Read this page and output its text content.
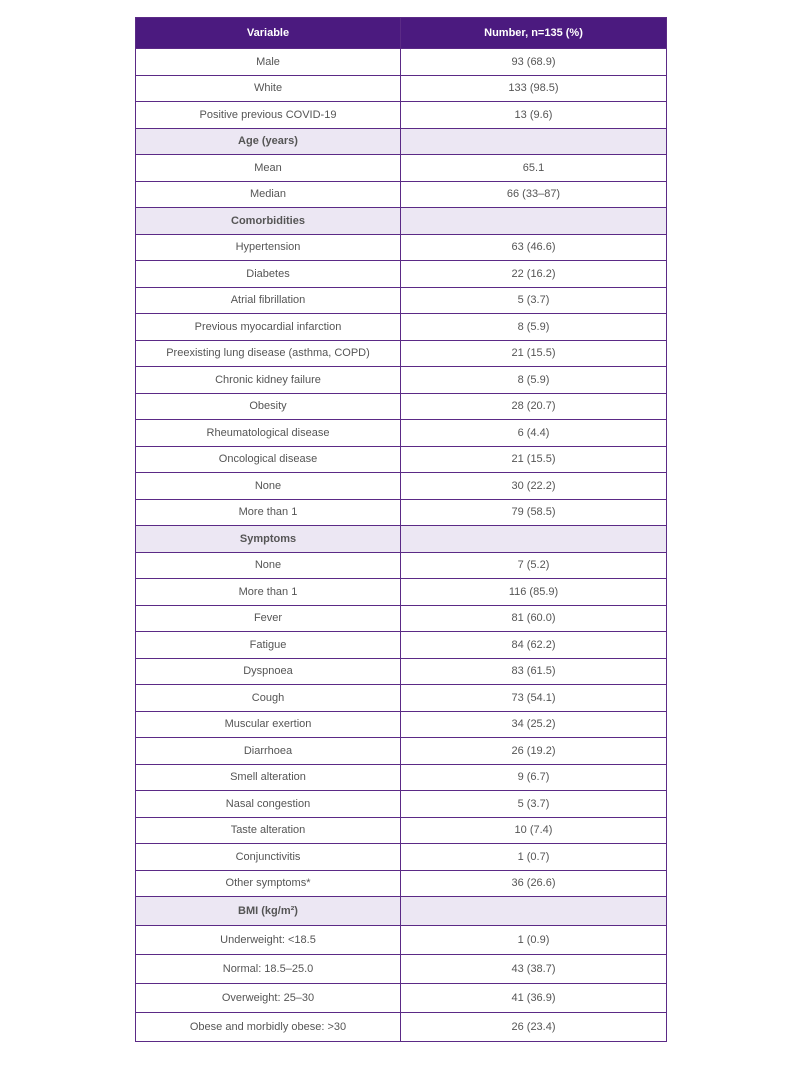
Variable	Number, n=135 (%)
Male	93 (68.9)
White	133 (98.5)
Positive previous COVID-19	13 (9.6)
Age (years)	
Mean	65.1
Median	66 (33–87)
Comorbidities	
Hypertension	63 (46.6)
Diabetes	22 (16.2)
Atrial fibrillation	5 (3.7)
Previous myocardial infarction	8 (5.9)
Preexisting lung disease (asthma, COPD)	21 (15.5)
Chronic kidney failure	8 (5.9)
Obesity	28 (20.7)
Rheumatological disease	6 (4.4)
Oncological disease	21 (15.5)
None	30 (22.2)
More than 1	79 (58.5)
Symptoms	
None	7 (5.2)
More than 1	116 (85.9)
Fever	81 (60.0)
Fatigue	84 (62.2)
Dyspnoea	83 (61.5)
Cough	73 (54.1)
Muscular exertion	34 (25.2)
Diarrhoea	26 (19.2)
Smell alteration	9 (6.7)
Nasal congestion	5 (3.7)
Taste alteration	10 (7.4)
Conjunctivitis	1 (0.7)
Other symptoms*	36 (26.6)
BMI (kg/m²)	
Underweight: <18.5	1 (0.9)
Normal: 18.5–25.0	43 (38.7)
Overweight: 25–30	41 (36.9)
Obese and morbidly obese: >30	26 (23.4)
